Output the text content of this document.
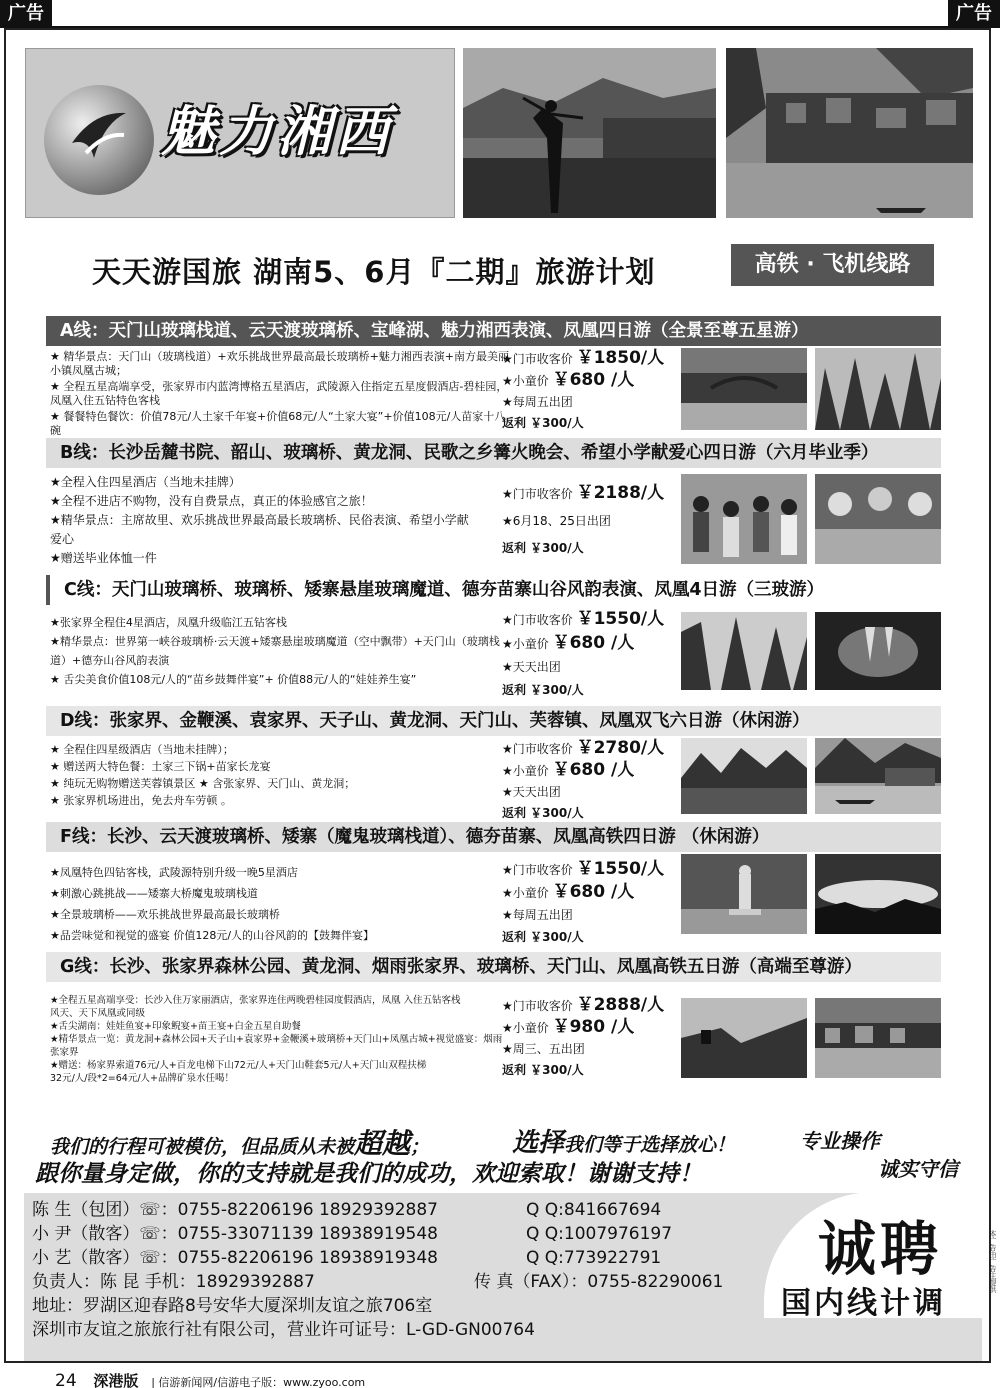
广告	广告
魅力湘西
天天游国旅 湖南5、6月『二期』旅游计划	高铁 · 飞机线路
A线：天门山玻璃栈道、云天渡玻璃桥、宝峰湖、魅力湘西表演、凤凰四日游（全景至尊五星游）
★ 精华景点：天门山（玻璃栈道）+欢乐挑战世界最高最长玻璃桥+魅力湘西表演+南方最美丽小镇凤凰古城；
★ 全程五星高端享受，张家界市内蓝湾博格五星酒店，武陵源入住指定五星度假酒店-碧桂园，凤凰入住五钻特色客栈
★ 餐餐特色餐饮：价值78元/人土家千年宴+价值68元/人“土家大宴”+价值108元/人苗家十八碗
★门市收客价 ￥1850/人
★小童价 ￥680 /人
★每周五出团
返利 ￥300/人
B线：长沙岳麓书院、韶山、玻璃桥、黄龙洞、民歌之乡篝火晚会、希望小学献爱心四日游（六月毕业季）
★全程入住四星酒店（当地未挂牌）
★全程不进店不购物，没有自费景点，真正的体验感官之旅！
★精华景点：主席故里、欢乐挑战世界最高最长玻璃桥、民俗表演、希望小学献爱心
★赠送毕业体恤一件
★门市收客价 ￥2188/人
★6月18、25日出团
返利 ￥300/人
C线：天门山玻璃桥、玻璃桥、矮寨悬崖玻璃魔道、德夯苗寨山谷风韵表演、凤凰4日游（三玻游）
★张家界全程住4星酒店，凤凰升级临江五钻客栈
★精华景点：世界第一峡谷玻璃桥·云天渡+矮寨悬崖玻璃魔道（空中飘带）+天门山（玻璃栈道）+德夯山谷风韵表演
★ 舌尖美食价值108元/人的“苗乡鼓舞伴宴”+ 价值88元/人的“娃娃养生宴”
★门市收客价 ￥1550/人
★小童价 ￥680 /人
★天天出团
返利 ￥300/人
D线：张家界、金鞭溪、袁家界、天子山、黄龙洞、天门山、芙蓉镇、凤凰双飞六日游（休闲游）
★ 全程住四星级酒店（当地未挂牌）；
★ 赠送两大特色餐：土家三下锅+苗家长龙宴
★ 纯玩无购物赠送芙蓉镇景区 ★ 含张家界、天门山、黄龙洞；
★ 张家界机场进出，免去舟车劳顿 。
★门市收客价 ￥2780/人
★小童价 ￥680 /人
★天天出团
返利 ￥300/人
F线：长沙、云天渡玻璃桥、矮寨（魔鬼玻璃栈道）、德夯苗寨、凤凰高铁四日游 （休闲游）
★凤凰特色四钻客栈，武陵源特别升级一晚5星酒店
★刺激心跳挑战——矮寨大桥魔鬼玻璃栈道
★全景玻璃桥——欢乐挑战世界最高最长玻璃桥
★品尝味觉和视觉的盛宴 价值128元/人的山谷风韵的【鼓舞伴宴】
★门市收客价 ￥1550/人
★小童价 ￥680 /人
★每周五出团
返利 ￥300/人
G线：长沙、张家界森林公园、黄龙洞、烟雨张家界、玻璃桥、天门山、凤凰高铁五日游（高端至尊游）
★全程五星高端享受：长沙入住万家丽酒店，张家界连住两晚碧桂园度假酒店，凤凰 入住五钻客栈
风天、天下凤凰或同级
★舌尖湖南：娃娃鱼宴+印象鲵宴+苗王宴+白金五星自助餐
★精华景点一览：黄龙洞+森林公园+天子山+袁家界+金鞭溪+玻璃桥+天门山+凤凰古城+视觉盛宴：烟雨张家界
★赠送：杨家界索道76元/人+百龙电梯下山72元/人+天门山鞋套5元/人+天门山双程扶梯
32元/人/段*2=64元/人+品牌矿泉水任喝！
★门市收客价 ￥2888/人
★小童价 ￥980 /人
★周三、五出团
返利 ￥300/人
我们的行程可被模仿，但品质从未被超越；	选择我们等于选择放心！	专业操作
跟你量身定做，你的支持就是我们的成功，欢迎索取！谢谢支持！	诚实守信
陈 生（包团）☏：0755-82206196 18929392887	Q Q:841667694
小 尹（散客）☏：0755-33071139 18938919548	Q Q:1007976197
小 艺（散客）☏：0755-82206196 18938919348	Q Q:773922791
负责人：陈 昆 手机：18929392887	传 真（FAX）：0755-82290061
地址：罗湖区迎春路8号安华大厦深圳友谊之旅706室
深圳市友谊之旅旅行社有限公司，营业许可证号：L-GD-GN00764
诚聘
国内线计调
本广告由广告主提供
24 深港版 | 信游新闻网/信游电子版：www.zyoo.com
